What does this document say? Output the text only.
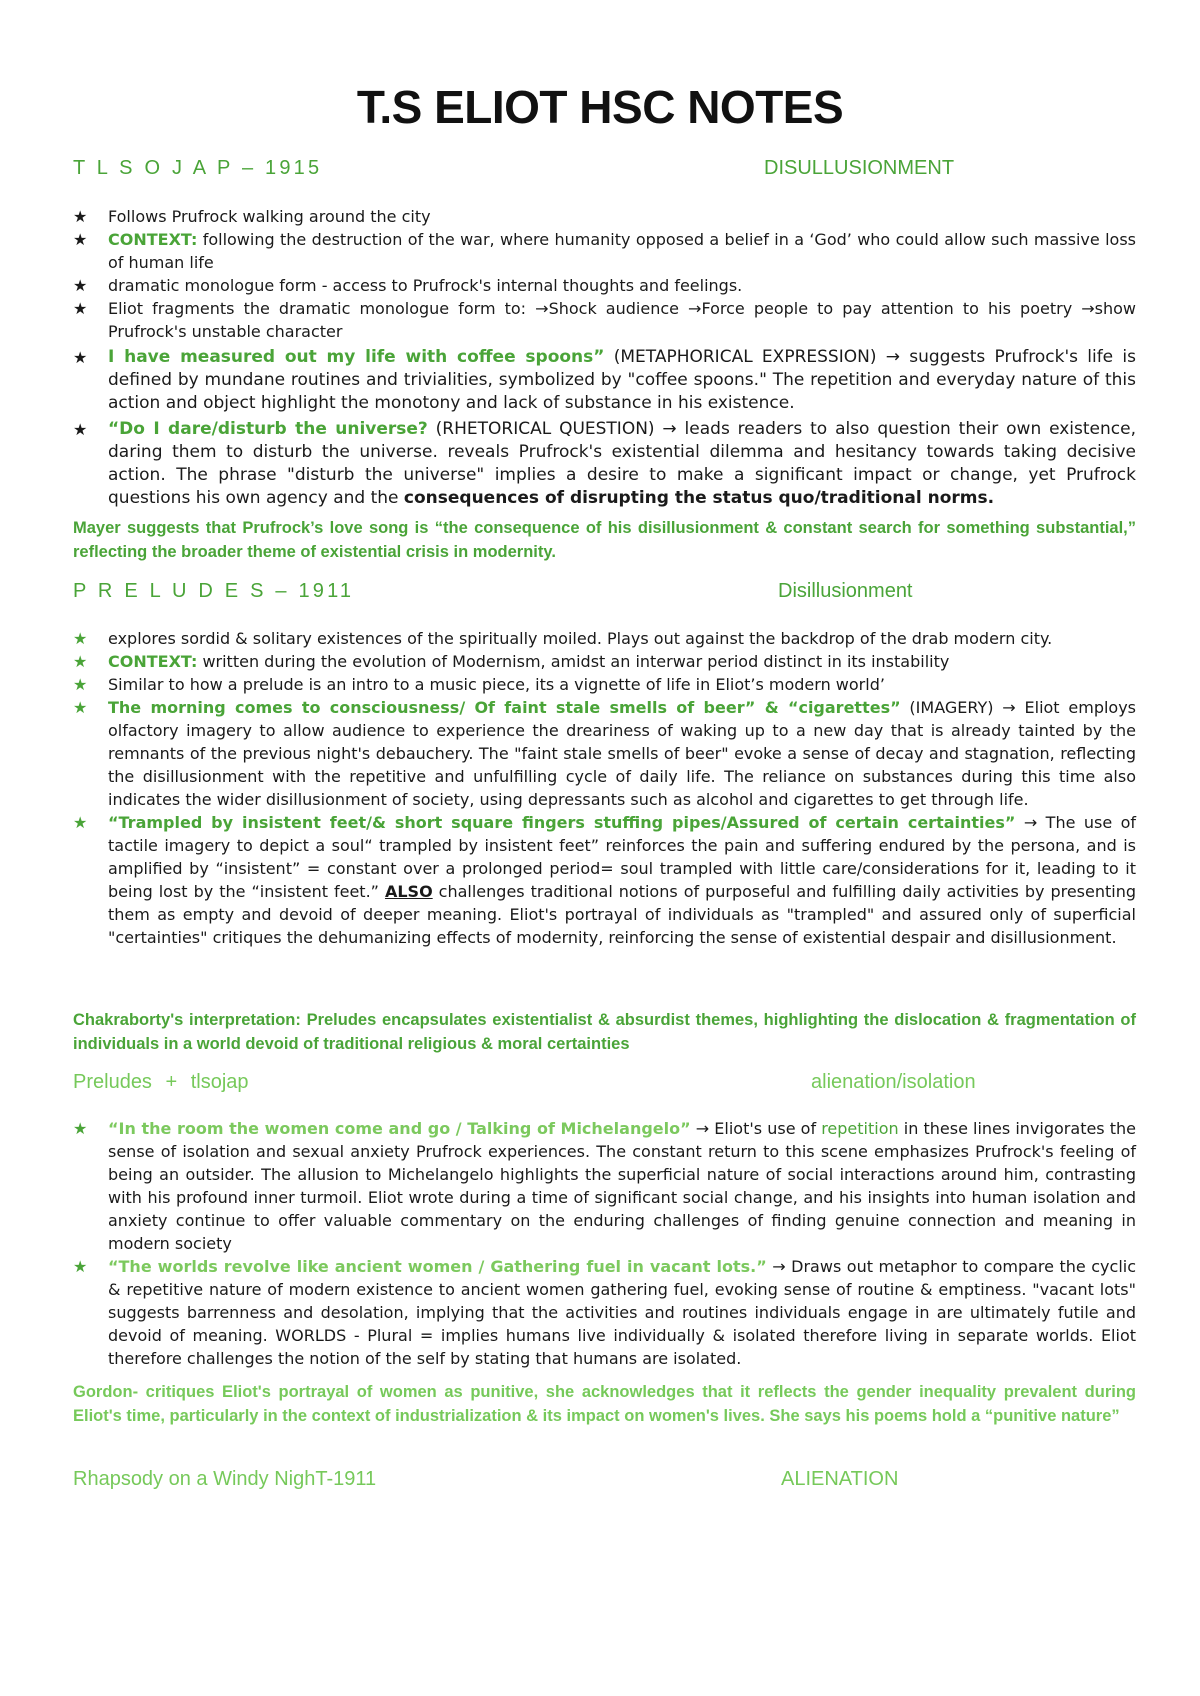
T.S ELIOT HSC NOTES
T L S O J A P – 1915	DISULLUSIONMENT
★ Follows Prufrock walking around the city
★ CONTEXT: following the destruction of the war, where humanity opposed a belief in a ‘God’ who could allow such massive loss of human life
★ dramatic monologue form - access to Prufrock's internal thoughts and feelings.
★ Eliot fragments the dramatic monologue form to: →Shock audience →Force people to pay attention to his poetry →show Prufrock's unstable character
★ I have measured out my life with coffee spoons” (METAPHORICAL EXPRESSION) → suggests Prufrock's life is defined by mundane routines and trivialities, symbolized by "coffee spoons." The repetition and everyday nature of this action and object highlight the monotony and lack of substance in his existence.
★ “Do I dare/disturb the universe? (RHETORICAL QUESTION) → leads readers to also question their own existence, daring them to disturb the universe. reveals Prufrock's existential dilemma and hesitancy towards taking decisive action. The phrase "disturb the universe" implies a desire to make a significant impact or change, yet Prufrock questions his own agency and the consequences of disrupting the status quo/traditional norms.

Mayer suggests that Prufrock’s love song is “the consequence of his disillusionment & constant search for something substantial,” reflecting the broader theme of existential crisis in modernity.

P R E L U D E S – 1911	Disillusionment
★ explores sordid & solitary existences of the spiritually moiled. Plays out against the backdrop of the drab modern city.
★ CONTEXT: written during the evolution of Modernism, amidst an interwar period distinct in its instability
★ Similar to how a prelude is an intro to a music piece, its a vignette of life in Eliot’s modern world’
★ The morning comes to consciousness/ Of faint stale smells of beer” & “cigarettes” (IMAGERY) → Eliot employs olfactory imagery to allow audience to experience the dreariness of waking up to a new day that is already tainted by the remnants of the previous night's debauchery. The "faint stale smells of beer" evoke a sense of decay and stagnation, reflecting the disillusionment with the repetitive and unfulfilling cycle of daily life. The reliance on substances during this time also indicates the wider disillusionment of society, using depressants such as alcohol and cigarettes to get through life.
★ “Trampled by insistent feet/& short square fingers stuffing pipes/Assured of certain certainties” → The use of tactile imagery to depict a soul“ trampled by insistent feet” reinforces the pain and suffering endured by the persona, and is amplified by “insistent” = constant over a prolonged period= soul trampled with little care/considerations for it, leading to it being lost by the “insistent feet.” ALSO challenges traditional notions of purposeful and fulfilling daily activities by presenting them as empty and devoid of deeper meaning. Eliot's portrayal of individuals as "trampled" and assured only of superficial "certainties" critiques the dehumanizing effects of modernity, reinforcing the sense of existential despair and disillusionment.

Chakraborty's interpretation: Preludes encapsulates existentialist & absurdist themes, highlighting the dislocation & fragmentation of individuals in a world devoid of traditional religious & moral certainties

Preludes + tlsojap	alienation/isolation
★ “In the room the women come and go / Talking of Michelangelo” → Eliot's use of repetition in these lines invigorates the sense of isolation and sexual anxiety Prufrock experiences. The constant return to this scene emphasizes Prufrock's feeling of being an outsider. The allusion to Michelangelo highlights the superficial nature of social interactions around him, contrasting with his profound inner turmoil. Eliot wrote during a time of significant social change, and his insights into human isolation and anxiety continue to offer valuable commentary on the enduring challenges of finding genuine connection and meaning in modern society
★ “The worlds revolve like ancient women / Gathering fuel in vacant lots.” → Draws out metaphor to compare the cyclic & repetitive nature of modern existence to ancient women gathering fuel, evoking sense of routine & emptiness. "vacant lots" suggests barrenness and desolation, implying that the activities and routines individuals engage in are ultimately futile and devoid of meaning. WORLDS - Plural = implies humans live individually & isolated therefore living in separate worlds. Eliot therefore challenges the notion of the self by stating that humans are isolated.

Gordon- critiques Eliot's portrayal of women as punitive, she acknowledges that it reflects the gender inequality prevalent during Eliot's time, particularly in the context of industrialization & its impact on women's lives. She says his poems hold a “punitive nature”

Rhapsody on a Windy NighT-1911	ALIENATION
